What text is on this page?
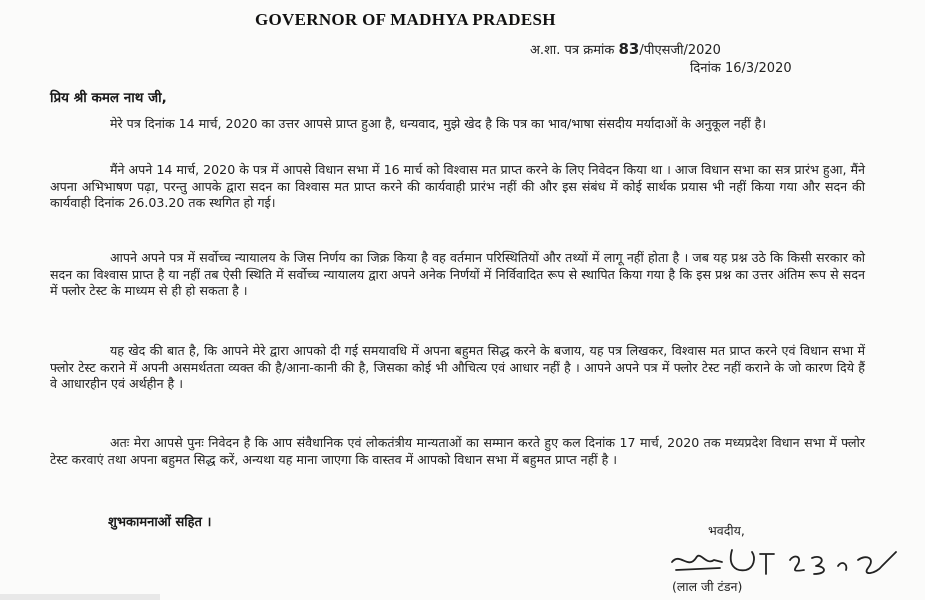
GOVERNOR OF MADHYA PRADESH
अ.शा. पत्र क्रमांक 83/पीएसजी/2020
दिनांक 16/3/2020
प्रिय श्री कमल नाथ जी,

मेरे पत्र दिनांक 14 मार्च, 2020 का उत्तर आपसे प्राप्त हुआ है, धन्यवाद, मुझे खेद है कि पत्र का भाव/भाषा संसदीय मर्यादाओं के अनुकूल नहीं है।

मैंने अपने 14 मार्च, 2020 के पत्र में आपसे विधान सभा में 16 मार्च को विश्वास मत प्राप्त करने के लिए निवेदन किया था । आज विधान सभा का सत्र प्रारंभ हुआ, मैंने अपना अभिभाषण पढ़ा, परन्तु आपके द्वारा सदन का विश्वास मत प्राप्त करने की कार्यवाही प्रारंभ नहीं की और इस संबंध में कोई सार्थक प्रयास भी नहीं किया गया और सदन की कार्यवाही दिनांक 26.03.20 तक स्थगित हो गई।

आपने अपने पत्र में सर्वोच्च न्यायालय के जिस निर्णय का जिक्र किया है वह वर्तमान परिस्थितियों और तथ्यों में लागू नहीं होता है । जब यह प्रश्न उठे कि किसी सरकार को सदन का विश्वास प्राप्त है या नहीं तब ऐसी स्थिति में सर्वोच्च न्यायालय द्वारा अपने अनेक निर्णयों में निर्विवादित रूप से स्थापित किया गया है कि इस प्रश्न का उत्तर अंतिम रूप से सदन में फ्लोर टेस्ट के माध्यम से ही हो सकता है ।

यह खेद की बात है, कि आपने मेरे द्वारा आपको दी गई समयावधि में अपना बहुमत सिद्ध करने के बजाय, यह पत्र लिखकर, विश्वास मत प्राप्त करने एवं विधान सभा में फ्लोर टेस्ट कराने में अपनी असमर्थतता व्यक्त की है/आना-कानी की है, जिसका कोई भी औचित्य एवं आधार नहीं है । आपने अपने पत्र में फ्लोर टेस्ट नहीं कराने के जो कारण दिये हैं वे आधारहीन एवं अर्थहीन है ।

अतः मेरा आपसे पुनः निवेदन है कि आप संवैधानिक एवं लोकतंत्रीय मान्यताओं का सम्मान करते हुए कल दिनांक 17 मार्च, 2020 तक मध्यप्रदेश विधान सभा में फ्लोर टेस्ट करवाएं तथा अपना बहुमत सिद्ध करें, अन्यथा यह माना जाएगा कि वास्तव में आपको विधान सभा में बहुमत प्राप्त नहीं है ।

शुभकामनाओं सहित ।
भवदीय,
(लाल जी टंडन)
